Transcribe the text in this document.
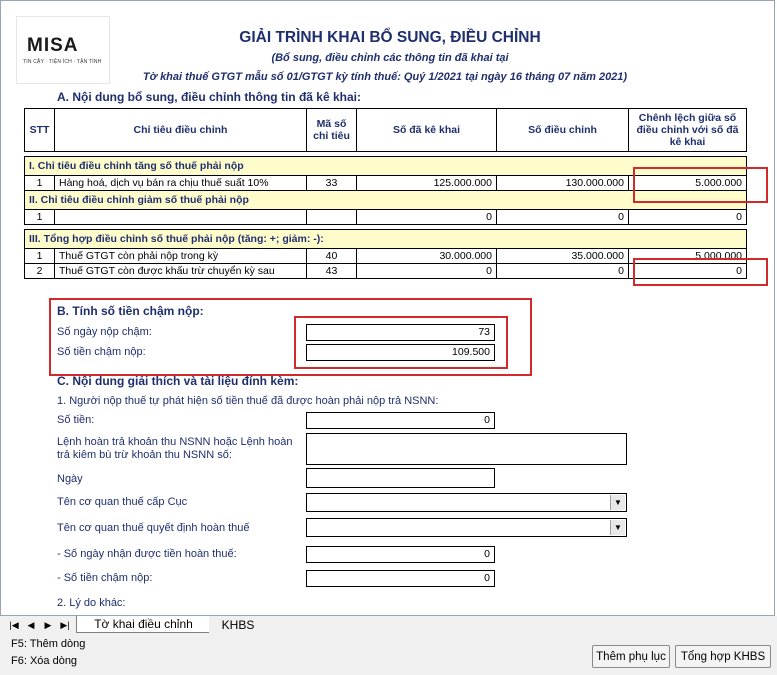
MISA
TIN CẬY · TIỆN ÍCH · TẬN TÌNH
GIẢI TRÌNH KHAI BỔ SUNG, ĐIỀU CHỈNH
(Bổ sung, điều chỉnh các thông tin đã khai tại
Tờ khai thuế GTGT mẫu số 01/GTGT kỳ tính thuế: Quý 1/2021 tại ngày 16 tháng 07 năm 2021)
A. Nội dung bổ sung, điều chỉnh thông tin đã kê khai:
STT	Chỉ tiêu điều chỉnh	Mã số chỉ tiêu	Số đã kê khai	Số điều chỉnh	Chênh lệch giữa số điều chỉnh với số đã kê khai

I. Chỉ tiêu điều chỉnh tăng số thuế phải nộp					
1	Hàng hoá, dịch vụ bán ra chịu thuế suất 10%	33	125.000.000	130.000.000	5.000.000
II. Chỉ tiêu điều chỉnh giảm số thuế phải nộp					
1			0	0	0

III. Tổng hợp điều chỉnh số thuế phải nộp (tăng: +; giảm: -):					
1	Thuế GTGT còn phải nộp trong kỳ	40	30.000.000	35.000.000	5.000.000
2	Thuế GTGT còn được khấu trừ chuyển kỳ sau	43	0	0	0
B. Tính số tiền chậm nộp:
Số ngày nộp chậm:	73
Số tiền chậm nộp:	109.500
C. Nội dung giải thích và tài liệu đính kèm:
1. Người nộp thuế tự phát hiện số tiền thuế đã được hoàn phải nộp trả NSNN:
Số tiền:	0
Lệnh hoàn trả khoản thu NSNN hoặc Lệnh hoàn trả kiêm bù trừ khoản thu NSNN số:
Ngày
Tên cơ quan thuế cấp Cục	▼
Tên cơ quan thuế quyết định hoàn thuế	▼
- Số ngày nhận được tiền hoàn thuế:	0
- Số tiền chậm nộp:	0
2. Lý do khác:
|◀ ◀ ▶ ▶|	Tờ khai điều chỉnh	KHBS
F5: Thêm dòng
F6: Xóa dòng	Thêm phụ lục	Tổng hợp KHBS
